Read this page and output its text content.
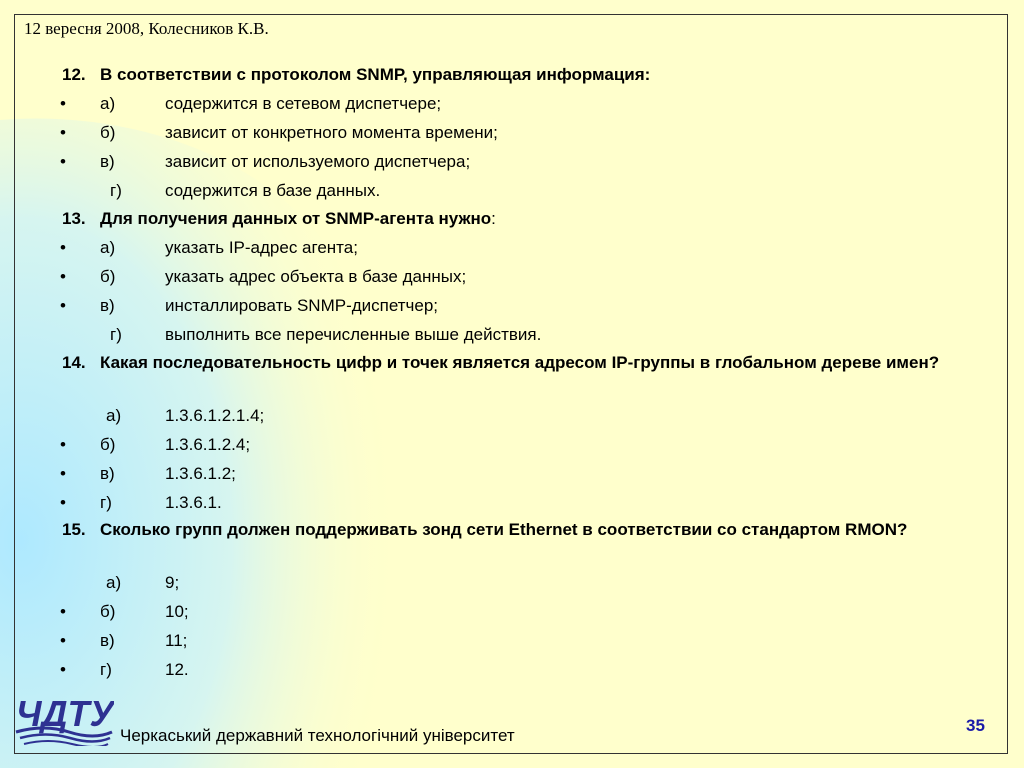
12 вересня 2008, Колесников К.В.
12. В соответствии с протоколом SNMP, управляющая информация:
• а)	содержится в сетевом диспетчере;
• б)	зависит от конкретного момента времени;
• в)	зависит от используемого диспетчера;
г)	содержится в базе данных.
13. Для получения данных от SNMP-агента нужно:
• а)	указать IP-адрес агента;
• б)	указать адрес объекта в базе данных;
• в)	инсталлировать SNMP-диспетчер;
г)	выполнить все перечисленные выше действия.
14. Какая последовательность цифр и точек является адресом IP-группы в глобальном дереве имен?
а)	1.3.6.1.2.1.4;
• б)	1.3.6.1.2.4;
• в)	1.3.6.1.2;
• г)	1.3.6.1.
15. Сколько групп должен поддерживать зонд сети Ethernet в соответствии со стандартом RMON?
а)	9;
• б)	10;
• в)	11;
• г)	12.
ЧДТУ
Черкаський державний технологічний університет
35
